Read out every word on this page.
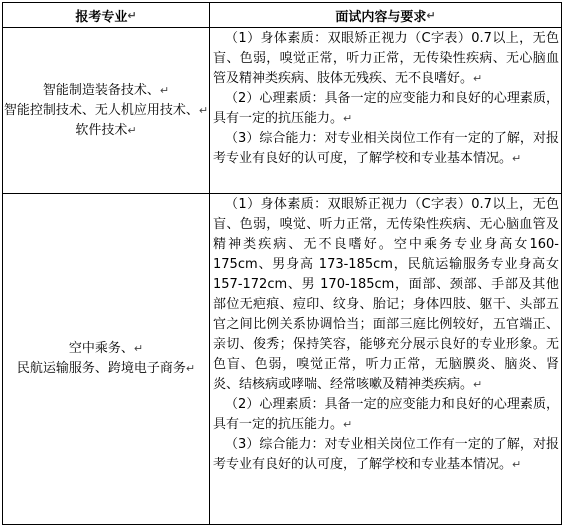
报考专业 ↵	面试内容与要求 ↵
智能制造装备技术、↵
智能控制技术、无人机应用技术、↵
软件技术↵

（1）身体素质：双眼矫正视力（C字表）0.7以上，无色盲、色弱，嗅觉正常，听力正常，无传染性疾病、无心脑血管及精神类疾病、肢体无残疾、无不良嗜好。↵

（2）心理素质：具备一定的应变能力和良好的心理素质，具有一定的抗压能力。↵

（3）综合能力：对专业相关岗位工作有一定的了解，对报考专业有良好的认可度，了解学校和专业基本情况。↵

空中乘务、↵
民航运输服务、跨境电子商务↵

（1）身体素质：双眼矫正视力（C字表）0.7以上，无色盲、色弱，嗅觉、听力正常，无传染性疾病、无心脑血管及精神类疾病、无不良嗜好。空中乘务专业身高女160-175cm、男身高 173-185cm，民航运输服务专业身高女 157-172cm、男 170-185cm，面部、颈部、手部及其他部位无疤痕、痘印、纹身、胎记；身体四肢、躯干、头部五官之间比例关系协调恰当；面部三庭比例较好，五官端正、亲切、俊秀；保持笑容，能够充分展示良好的专业形象。无色盲、色弱，嗅觉正常，听力正常，无脑膜炎、脑炎、肾炎、结核病或哮喘、经常咳嗽及精神类疾病。↵

（2）心理素质：具备一定的应变能力和良好的心理素质，具有一定的抗压能力。↵

（3）综合能力：对专业相关岗位工作有一定的了解，对报考专业有良好的认可度，了解学校和专业基本情况。↵
